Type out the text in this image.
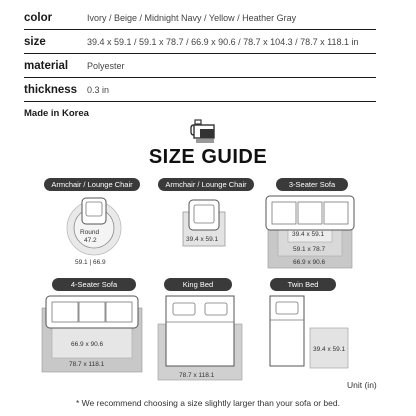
color	Ivory / Beige / Midnight Navy / Yellow / Heather Gray
size	39.4 x 59.1 / 59.1 x 78.7 / 66.9 x 90.6 / 78.7 x 104.3 / 78.7 x 118.1 in
material Polyester
thickness 0.3 in
Made in Korea
SIZE GUIDE
Armchair / Lounge Chair	Armchair / Lounge Chair	3-Seater Sofa
Round
47.2
59.1 | 66.9
39.4 x 59.1
39.4 x 59.1
59.1 x 78.7
66.9 x 90.6
4-Seater Sofa	King Bed	Twin Bed
66.9 x 90.6
78.7 x 118.1
78.7 x 118.1
39.4 x 59.1
Unit (in)
* We recommend choosing a size slightly larger than your sofa or bed.
